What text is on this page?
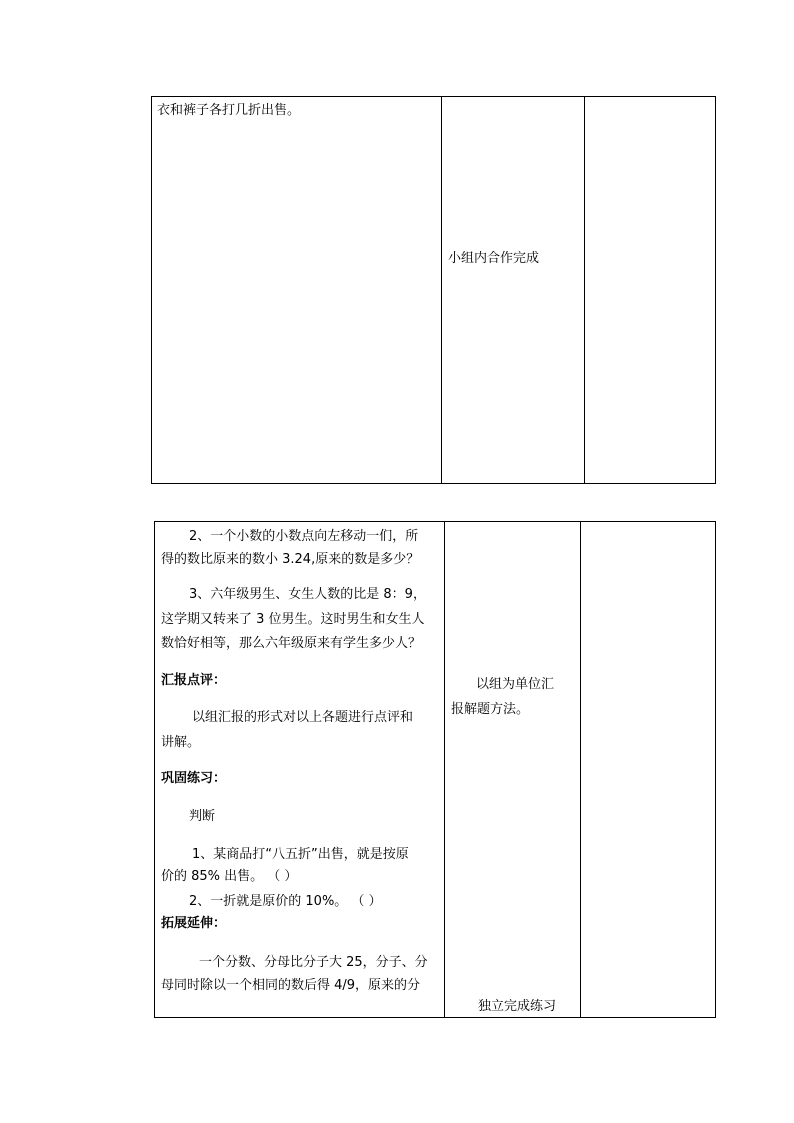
衣和裤子各打几折出售。
小组内合作完成
2、一个小数的小数点向左移动一们，所
得的数比原来的数小 3.24,原来的数是多少？
3、六年级男生、女生人数的比是 8：9，
这学期又转来了 3 位男生。这时男生和女生人
数恰好相等，那么六年级原来有学生多少人？
汇报点评：
以组汇报的形式对以上各题进行点评和
讲解。
巩固练习：
判断
1、某商品打“八五折”出售，就是按原
价的 85% 出售。 （ ）
2、一折就是原价的 10%。 （ ）
拓展延伸：
一个分数、分母比分子大 25，分子、分
母同时除以一个相同的数后得 4/9，原来的分
以组为单位汇
报解题方法。
独立完成练习
